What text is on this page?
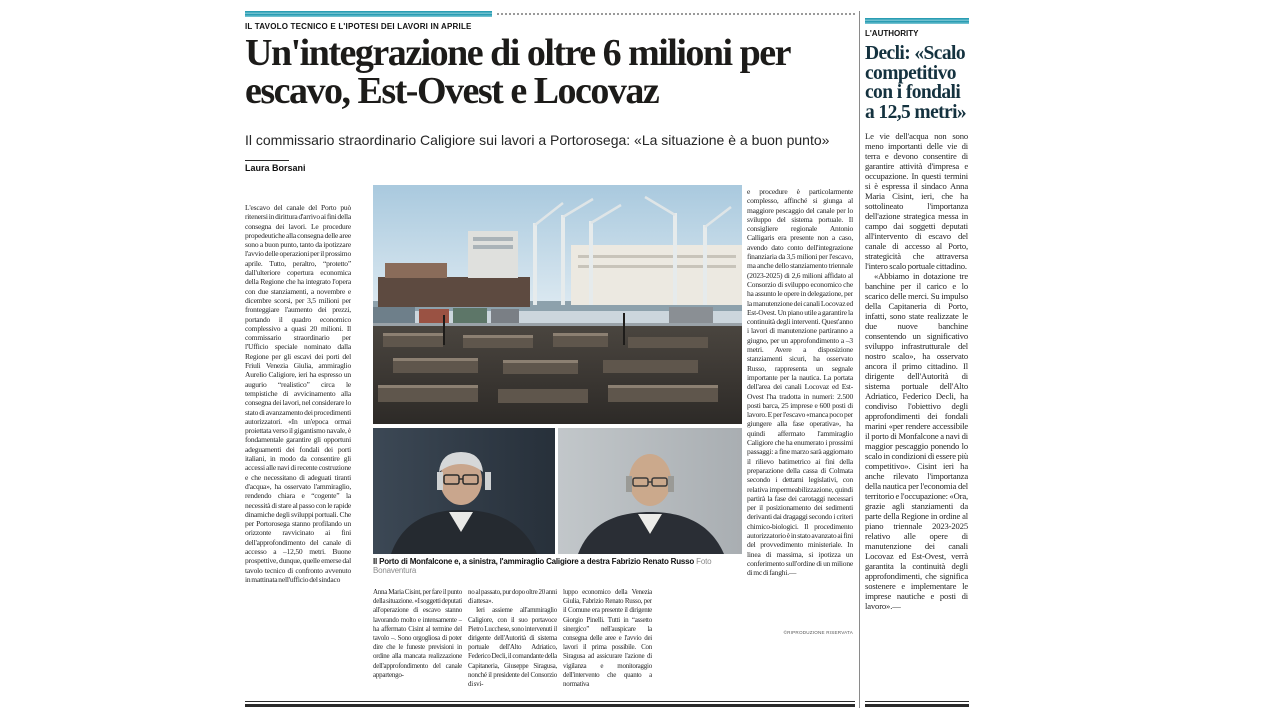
IL TAVOLO TECNICO E L'IPOTESI DEI LAVORI IN APRILE
Un'integrazione di oltre 6 milioni per escavo, Est-Ovest e Locovaz
Il commissario straordinario Caligiore sui lavori a Portorosega: «La situazione è a buon punto»
Laura Borsani

L'escavo del canale del Porto può ritenersi in dirittura d'arrivo ai fini della consegna dei lavori. Le procedure propedeutiche alla consegna delle aree sono a buon punto, tanto da ipotizzare l'avvio delle operazioni per il prossimo aprile. Tutto, peraltro, “protetto” dall'ulteriore copertura economica della Regione che ha integrato l'opera con due stanziamenti, a novembre e dicembre scorsi, per 3,5 milioni per fronteggiare l'aumento dei prezzi, portando il quadro economico complessivo a quasi 20 milioni. Il commissario straordinario per l'Ufficio speciale nominato dalla Regione per gli escavi dei porti del Friuli Venezia Giulia, ammiraglio Aurelio Caligiore, ieri ha espresso un augurio “realistico” circa le tempistiche di avvicinamento alla consegna dei lavori, nel considerare lo stato di avanzamento dei procedimenti autorizzatori. «In un'epoca ormai proiettata verso il gigantismo navale, è fondamentale garantire gli opportuni adeguamenti dei fondali dei porti italiani, in modo da consentire gli accessi alle navi di recente costruzione e che necessitano di adeguati tiranti d'acqua», ha osservato l'ammiraglio, rendendo chiara e “cogente” la necessità di stare al passo con le rapide dinamiche degli sviluppi portuali. Che per Portorosega stanno profilando un orizzonte ravvicinato ai fini dell'approfondimento del canale di accesso a –12,50 metri. Buone prospettive, dunque, quelle emerse dal tavolo tecnico di confronto avvenuto in mattinata nell'ufficio del sindaco

Il Porto di Monfalcone e, a sinistra, l'ammiraglio Caligiore a destra Fabrizio Renato Russo Foto Bonaventura

Anna Maria Cisint, per fare il punto della situazione. «I soggetti deputati all'operazione di escavo stanno lavorando molto e intensamente – ha affermato Cisint al termine del tavolo –. Sono orgogliosa di poter dire che le funeste previsioni in ordine alla mancata realizzazione dell'approfondimento del canale appartengo-

no al passato, pur dopo oltre 20 anni di attesa».

Ieri assieme all'ammiraglio Caligiore, con il suo portavoce Pietro Lucchese, sono intervenuti il dirigente dell'Autorità di sistema portuale dell'Alto Adriatico, Federico Decli, il comandante della Capitaneria, Giuseppe Siragusa, nonché il presidente del Consorzio di svi-

luppo economico della Venezia Giulia, Fabrizio Renato Russo, per il Comune era presente il dirigente Giorgio Pinelli. Tutti in “assetto sinergico” nell'auspicare la consegna delle aree e l'avvio dei lavori il prima possibile. Con Siragusa ad assicurare l'azione di vigilanza e monitoraggio dell'intervento che quanto a normativa

e procedure è particolarmente complesso, affinché si giunga al maggiore pescaggio del canale per lo sviluppo del sistema portuale. Il consigliere regionale Antonio Calligaris era presente non a caso, avendo dato conto dell'integrazione finanziaria da 3,5 milioni per l'escavo, ma anche dello stanziamento triennale (2023-2025) di 2,6 milioni affidato al Consorzio di sviluppo economico che ha assunto le opere in delegazione, per la manutenzione dei canali Locovaz ed Est-Ovest. Un piano utile a garantire la continuità degli interventi. Quest'anno i lavori di manutenzione partiranno a giugno, per un approfondimento a –3 metri. Avere a disposizione stanziamenti sicuri, ha osservato Russo, rappresenta un segnale importante per la nautica. La portata dell'area dei canali Locovaz ed Est-Ovest l'ha tradotta in numeri: 2.500 posti barca, 25 imprese e 600 posti di lavoro. E per l'escavo «manca poco per giungere alla fase operativa», ha quindi affermato l'ammiraglio Caligiore che ha enumerato i prossimi passaggi: a fine marzo sarà aggiornato il rilievo batimetrico ai fini della preparazione della cassa di Colmata secondo i dettami legislativi, con relativa impermeabilizzazione, quindi partirà la fase dei carotaggi necessari per il posizionamento dei sedimenti derivanti dai dragaggi secondo i criteri chimico-biologici. Il procedimento autorizzatorio è in stato avanzato ai fini del provvedimento ministeriale. In linea di massima, si ipotizza un conferimento sull'ordine di un milione di mc di fanghi.—

©RIPRODUZIONE RISERVATA
L'AUTHORITY
Decli: «Scalo competitivo con i fondali a 12,5 metri»

Le vie dell'acqua non sono meno importanti delle vie di terra e devono consentire di garantire attività d'impresa e occupazione. In questi termini si è espressa il sindaco Anna Maria Cisint, ieri, che ha sottolineato l'importanza dell'azione strategica messa in campo dai soggetti deputati all'intervento di escavo del canale di accesso al Porto, strategicità che attraversa l'intero scalo portuale cittadino.

«Abbiamo in dotazione tre banchine per il carico e lo scarico delle merci. Su impulso della Capitaneria di Porto, infatti, sono state realizzate le due nuove banchine consentendo un significativo sviluppo infrastrutturale del nostro scalo», ha osservato ancora il primo cittadino. Il dirigente dell'Autorità di sistema portuale dell'Alto Adriatico, Federico Decli, ha condiviso l'obiettivo degli approfondimenti dei fondali marini «per rendere accessibile il porto di Monfalcone a navi di maggior pescaggio ponendo lo scalo in condizioni di essere più competitivo». Cisint ieri ha anche rilevato l'importanza della nautica per l'economia del territorio e l'occupazione: «Ora, grazie agli stanziamenti da parte della Regione in ordine al piano triennale 2023-2025 relativo alle opere di manutenzione dei canali Locovaz ed Est-Ovest, verrà garantita la continuità degli approfondimenti, che significa sostenere e implementare le imprese nautiche e posti di lavoro».—
